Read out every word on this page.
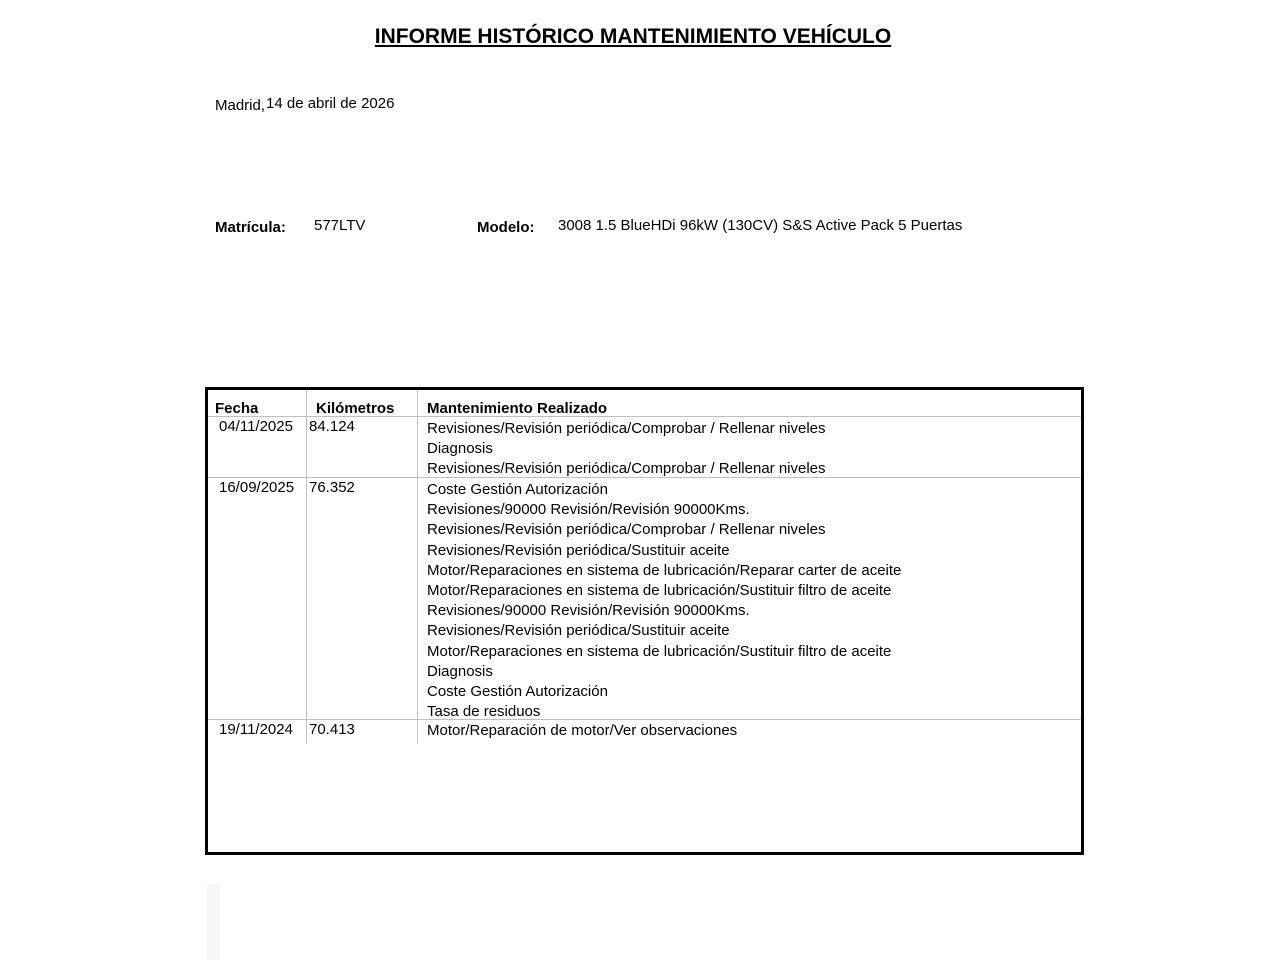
INFORME HISTÓRICO MANTENIMIENTO VEHÍCULO
Madrid, 14 de abril de 2026
Matrícula: 577LTV	Modelo: 3008 1.5 BlueHDi 96kW (130CV) S&S Active Pack 5 Puertas
Fecha	Kilómetros Mantenimiento Realizado
04/11/2025 84.124	Revisiones/Revisión periódica/Comprobar / Rellenar niveles
Diagnosis
Revisiones/Revisión periódica/Comprobar / Rellenar niveles
16/09/2025 76.352	Coste Gestión Autorización
Revisiones/90000 Revisión/Revisión 90000Kms.
Revisiones/Revisión periódica/Comprobar / Rellenar niveles
Revisiones/Revisión periódica/Sustituir aceite
Motor/Reparaciones en sistema de lubricación/Reparar carter de aceite
Motor/Reparaciones en sistema de lubricación/Sustituir filtro de aceite
Revisiones/90000 Revisión/Revisión 90000Kms.
Revisiones/Revisión periódica/Sustituir aceite
Motor/Reparaciones en sistema de lubricación/Sustituir filtro de aceite
Diagnosis
Coste Gestión Autorización
Tasa de residuos
19/11/2024 70.413	Motor/Reparación de motor/Ver observaciones
